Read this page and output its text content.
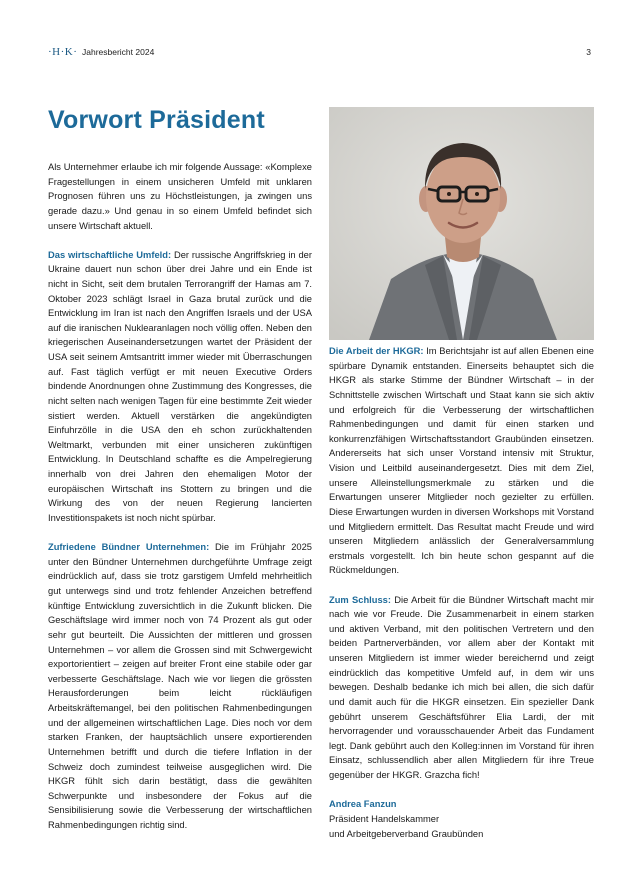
·H·K· Jahresbericht 2024	3
Vorwort Präsident

Als Unternehmer erlaube ich mir folgende Aussage: «Komplexe Fragestellungen in einem unsicheren Umfeld mit unklaren Prognosen führen uns zu Höchstleistungen, ja zwingen uns gerade dazu.» Und genau in so einem Umfeld befindet sich unsere Wirtschaft aktuell.

Das wirtschaftliche Umfeld: Der russische Angriffskrieg in der Ukraine dauert nun schon über drei Jahre und ein Ende ist nicht in Sicht, seit dem brutalen Terrorangriff der Hamas am 7. Oktober 2023 schlägt Israel in Gaza brutal zurück und die Entwicklung im Iran ist nach den Angriffen Israels und der USA auf die iranischen Nuklearanlagen noch völlig offen. Neben den kriegerischen Auseinandersetzungen wartet der Präsident der USA seit seinem Amtsantritt immer wieder mit Überraschungen auf. Fast täglich verfügt er mit neuen Executive Orders bindende Anordnungen ohne Zustimmung des Kongresses, die nicht selten nach wenigen Tagen für eine bestimmte Zeit wieder sistiert werden. Aktuell verstärken die angekündigten Einfuhrzölle in die USA den eh schon zurückhaltenden Weltmarkt, verbunden mit einer unsicheren zukünftigen Entwicklung. In Deutschland schaffte es die Ampelregierung innerhalb von drei Jahren den ehemaligen Motor der europäischen Wirtschaft ins Stottern zu bringen und die Wirkung des von der neuen Regierung lancierten Investitionspakets ist noch nicht spürbar.

Zufriedene Bündner Unternehmen: Die im Frühjahr 2025 unter den Bündner Unternehmen durchgeführte Umfrage zeigt eindrücklich auf, dass sie trotz garstigem Umfeld mehrheitlich gut unterwegs sind und trotz fehlender Anzeichen betreffend künftige Entwicklung zuversichtlich in die Zukunft blicken. Die Geschäftslage wird immer noch von 74 Prozent als gut oder sehr gut beurteilt. Die Aussichten der mittleren und grossen Unternehmen – vor allem die Grossen sind mit Schwergewicht exportorientiert – zeigen auf breiter Front eine stabile oder gar verbesserte Geschäftslage. Nach wie vor liegen die grössten Herausforderungen beim leicht rückläufigen Arbeitskräftemangel, bei den politischen Rahmenbedingungen und der allgemeinen wirtschaftlichen Lage. Dies noch vor dem starken Franken, der hauptsächlich unsere exportierenden Unternehmen betrifft und durch die tiefere Inflation in der Schweiz doch zumindest teilweise ausgeglichen wird. Die HKGR fühlt sich darin bestätigt, dass die gewählten Schwerpunkte und insbesondere der Fokus auf die Sensibilisierung sowie die Verbesserung der wirtschaftlichen Rahmenbedingungen richtig sind.

Die Arbeit der HKGR: Im Berichtsjahr ist auf allen Ebenen eine spürbare Dynamik entstanden. Einerseits behauptet sich die HKGR als starke Stimme der Bündner Wirtschaft – in der Schnittstelle zwischen Wirtschaft und Staat kann sie sich aktiv und erfolgreich für die Verbesserung der wirtschaftlichen Rahmenbedingungen und damit für einen starken und konkurrenzfähigen Wirtschaftsstandort Graubünden einsetzen. Andererseits hat sich unser Vorstand intensiv mit Struktur, Vision und Leitbild auseinandergesetzt. Dies mit dem Ziel, unsere Alleinstellungsmerkmale zu stärken und die Erwartungen unserer Mitglieder noch gezielter zu erfüllen. Diese Erwartungen wurden in diversen Workshops mit Vorstand und Mitgliedern ermittelt. Das Resultat macht Freude und wird unseren Mitgliedern anlässlich der Generalversammlung erstmals vorgestellt. Ich bin heute schon gespannt auf die Rückmeldungen.

Zum Schluss: Die Arbeit für die Bündner Wirtschaft macht mir nach wie vor Freude. Die Zusammenarbeit in einem starken und aktiven Verband, mit den politischen Vertretern und den beiden Partnerverbänden, vor allem aber der Kontakt mit unseren Mitgliedern ist immer wieder bereichernd und zeigt eindrücklich das kompetitive Umfeld auf, in dem wir uns bewegen. Deshalb bedanke ich mich bei allen, die sich dafür und damit auch für die HKGR einsetzen. Ein spezieller Dank gebührt unserem Geschäftsführer Elia Lardi, der mit hervorragender und vorausschauender Arbeit das Fundament legt. Dank gebührt auch den Kolleg:innen im Vorstand für ihren Einsatz, schlussendlich aber allen Mitgliedern für ihre Treue gegenüber der HKGR. Grazcha fich!

Andrea Fanzun

Präsident Handelskammer

und Arbeitgeberverband Graubünden
